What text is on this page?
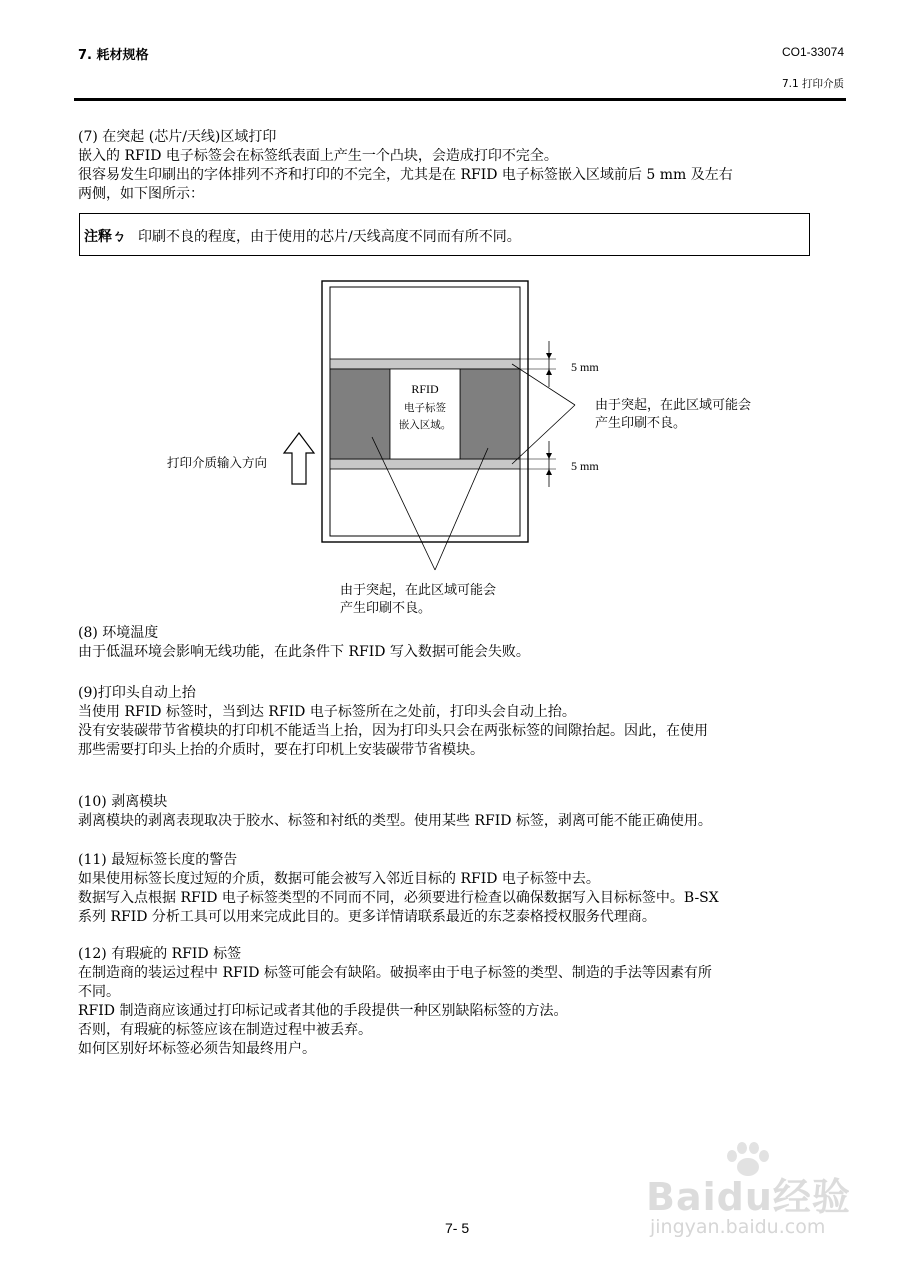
7. 耗材规格	CO1-33074
7.1 打印介质
(7) 在突起 (芯片/天线)区域打印
嵌入的 RFID 电子标签会在标签纸表面上产生一个凸块，会造成打印不完全。
很容易发生印刷出的字体排列不齐和打印的不完全，尤其是在 RFID 电子标签嵌入区域前后 5 mm 及左右
两侧，如下图所示：
注释ㄅ 印刷不良的程度，由于使用的芯片/天线高度不同而有所不同。
RFID
电子标签
嵌入区域。
5 mm
5 mm
由于突起，在此区域可能会
产生印刷不良。
由于突起，在此区域可能会
产生印刷不良。
打印介质输入方向
(8) 环境温度
由于低温环境会影响无线功能，在此条件下 RFID 写入数据可能会失败。
(9)打印头自动上抬
当使用 RFID 标签时，当到达 RFID 电子标签所在之处前，打印头会自动上抬。
没有安装碳带节省模块的打印机不能适当上抬，因为打印头只会在两张标签的间隙抬起。因此，在使用
那些需要打印头上抬的介质时，要在打印机上安装碳带节省模块。
(10) 剥离模块
剥离模块的剥离表现取决于胶水、标签和衬纸的类型。使用某些 RFID 标签，剥离可能不能正确使用。
(11) 最短标签长度的警告
如果使用标签长度过短的介质，数据可能会被写入邻近目标的 RFID 电子标签中去。
数据写入点根据 RFID 电子标签类型的不同而不同，必须要进行检查以确保数据写入目标标签中。B-SX
系列 RFID 分析工具可以用来完成此目的。更多详情请联系最近的东芝泰格授权服务代理商。
(12) 有瑕疵的 RFID 标签
在制造商的装运过程中 RFID 标签可能会有缺陷。破损率由于电子标签的类型、制造的手法等因素有所
不同。
RFID 制造商应该通过打印标记或者其他的手段提供一种区别缺陷标签的方法。
否则，有瑕疵的标签应该在制造过程中被丢弃。
如何区别好坏标签必须告知最终用户。
7- 5
Baidu经验
jingyan.baidu.com
